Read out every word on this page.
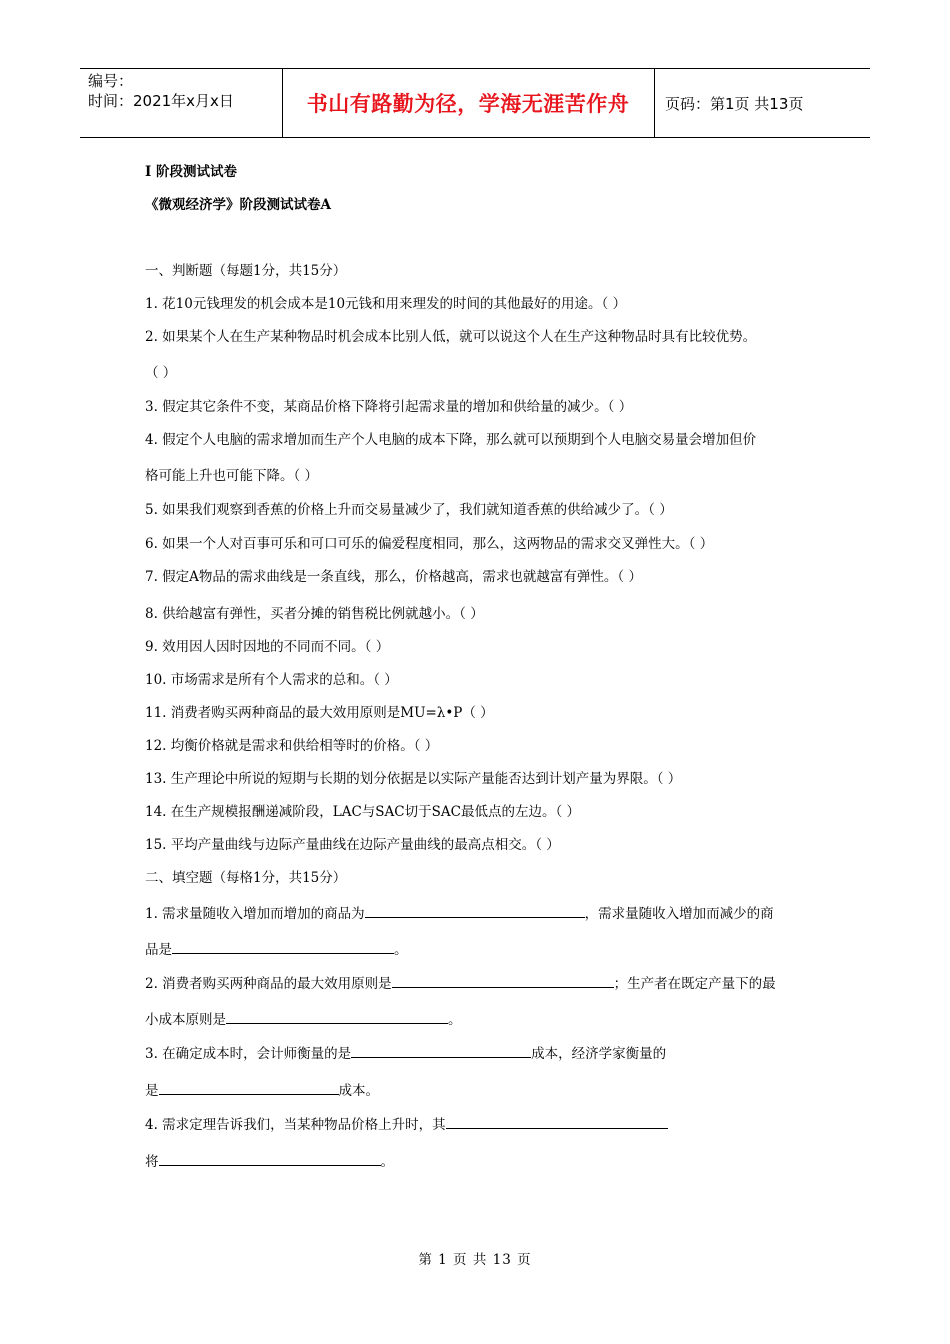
编号：
时间：2021年x月x日	书山有路勤为径，学海无涯苦作舟	页码：第1页 共13页
I 阶段测试试卷
《微观经济学》阶段测试试卷A
一、判断题（每题1分，共15分）
1. 花10元钱理发的机会成本是10元钱和用来理发的时间的其他最好的用途。（ ）
2. 如果某个人在生产某种物品时机会成本比别人低，就可以说这个人在生产这种物品时具有比较优势。
（ ）
3. 假定其它条件不变，某商品价格下降将引起需求量的增加和供给量的减少。（ ）
4. 假定个人电脑的需求增加而生产个人电脑的成本下降，那么就可以预期到个人电脑交易量会增加但价
格可能上升也可能下降。（ ）
5. 如果我们观察到香蕉的价格上升而交易量减少了，我们就知道香蕉的供给减少了。（ ）
6. 如果一个人对百事可乐和可口可乐的偏爱程度相同，那么，这两物品的需求交叉弹性大。（ ）
7. 假定A物品的需求曲线是一条直线，那么，价格越高，需求也就越富有弹性。（ ）
8. 供给越富有弹性，买者分摊的销售税比例就越小。（ ）
9. 效用因人因时因地的不同而不同。（ ）
10. 市场需求是所有个人需求的总和。（ ）
11. 消费者购买两种商品的最大效用原则是MU=λ•P（ ）
12. 均衡价格就是需求和供给相等时的价格。（ ）
13. 生产理论中所说的短期与长期的划分依据是以实际产量能否达到计划产量为界限。（ ）
14. 在生产规模报酬递减阶段，LAC与SAC切于SAC最低点的左边。（ ）
15. 平均产量曲线与边际产量曲线在边际产量曲线的最高点相交。（ ）
二、填空题（每格1分，共15分）
1. 需求量随收入增加而增加的商品为	，需求量随收入增加而减少的商
品是	。
2. 消费者购买两种商品的最大效用原则是	；生产者在既定产量下的最
小成本原则是	。
3. 在确定成本时，会计师衡量的是	成本，经济学家衡量的
是	成本。
4. 需求定理告诉我们，当某种物品价格上升时，其
将	。
第 1 页 共 13 页
